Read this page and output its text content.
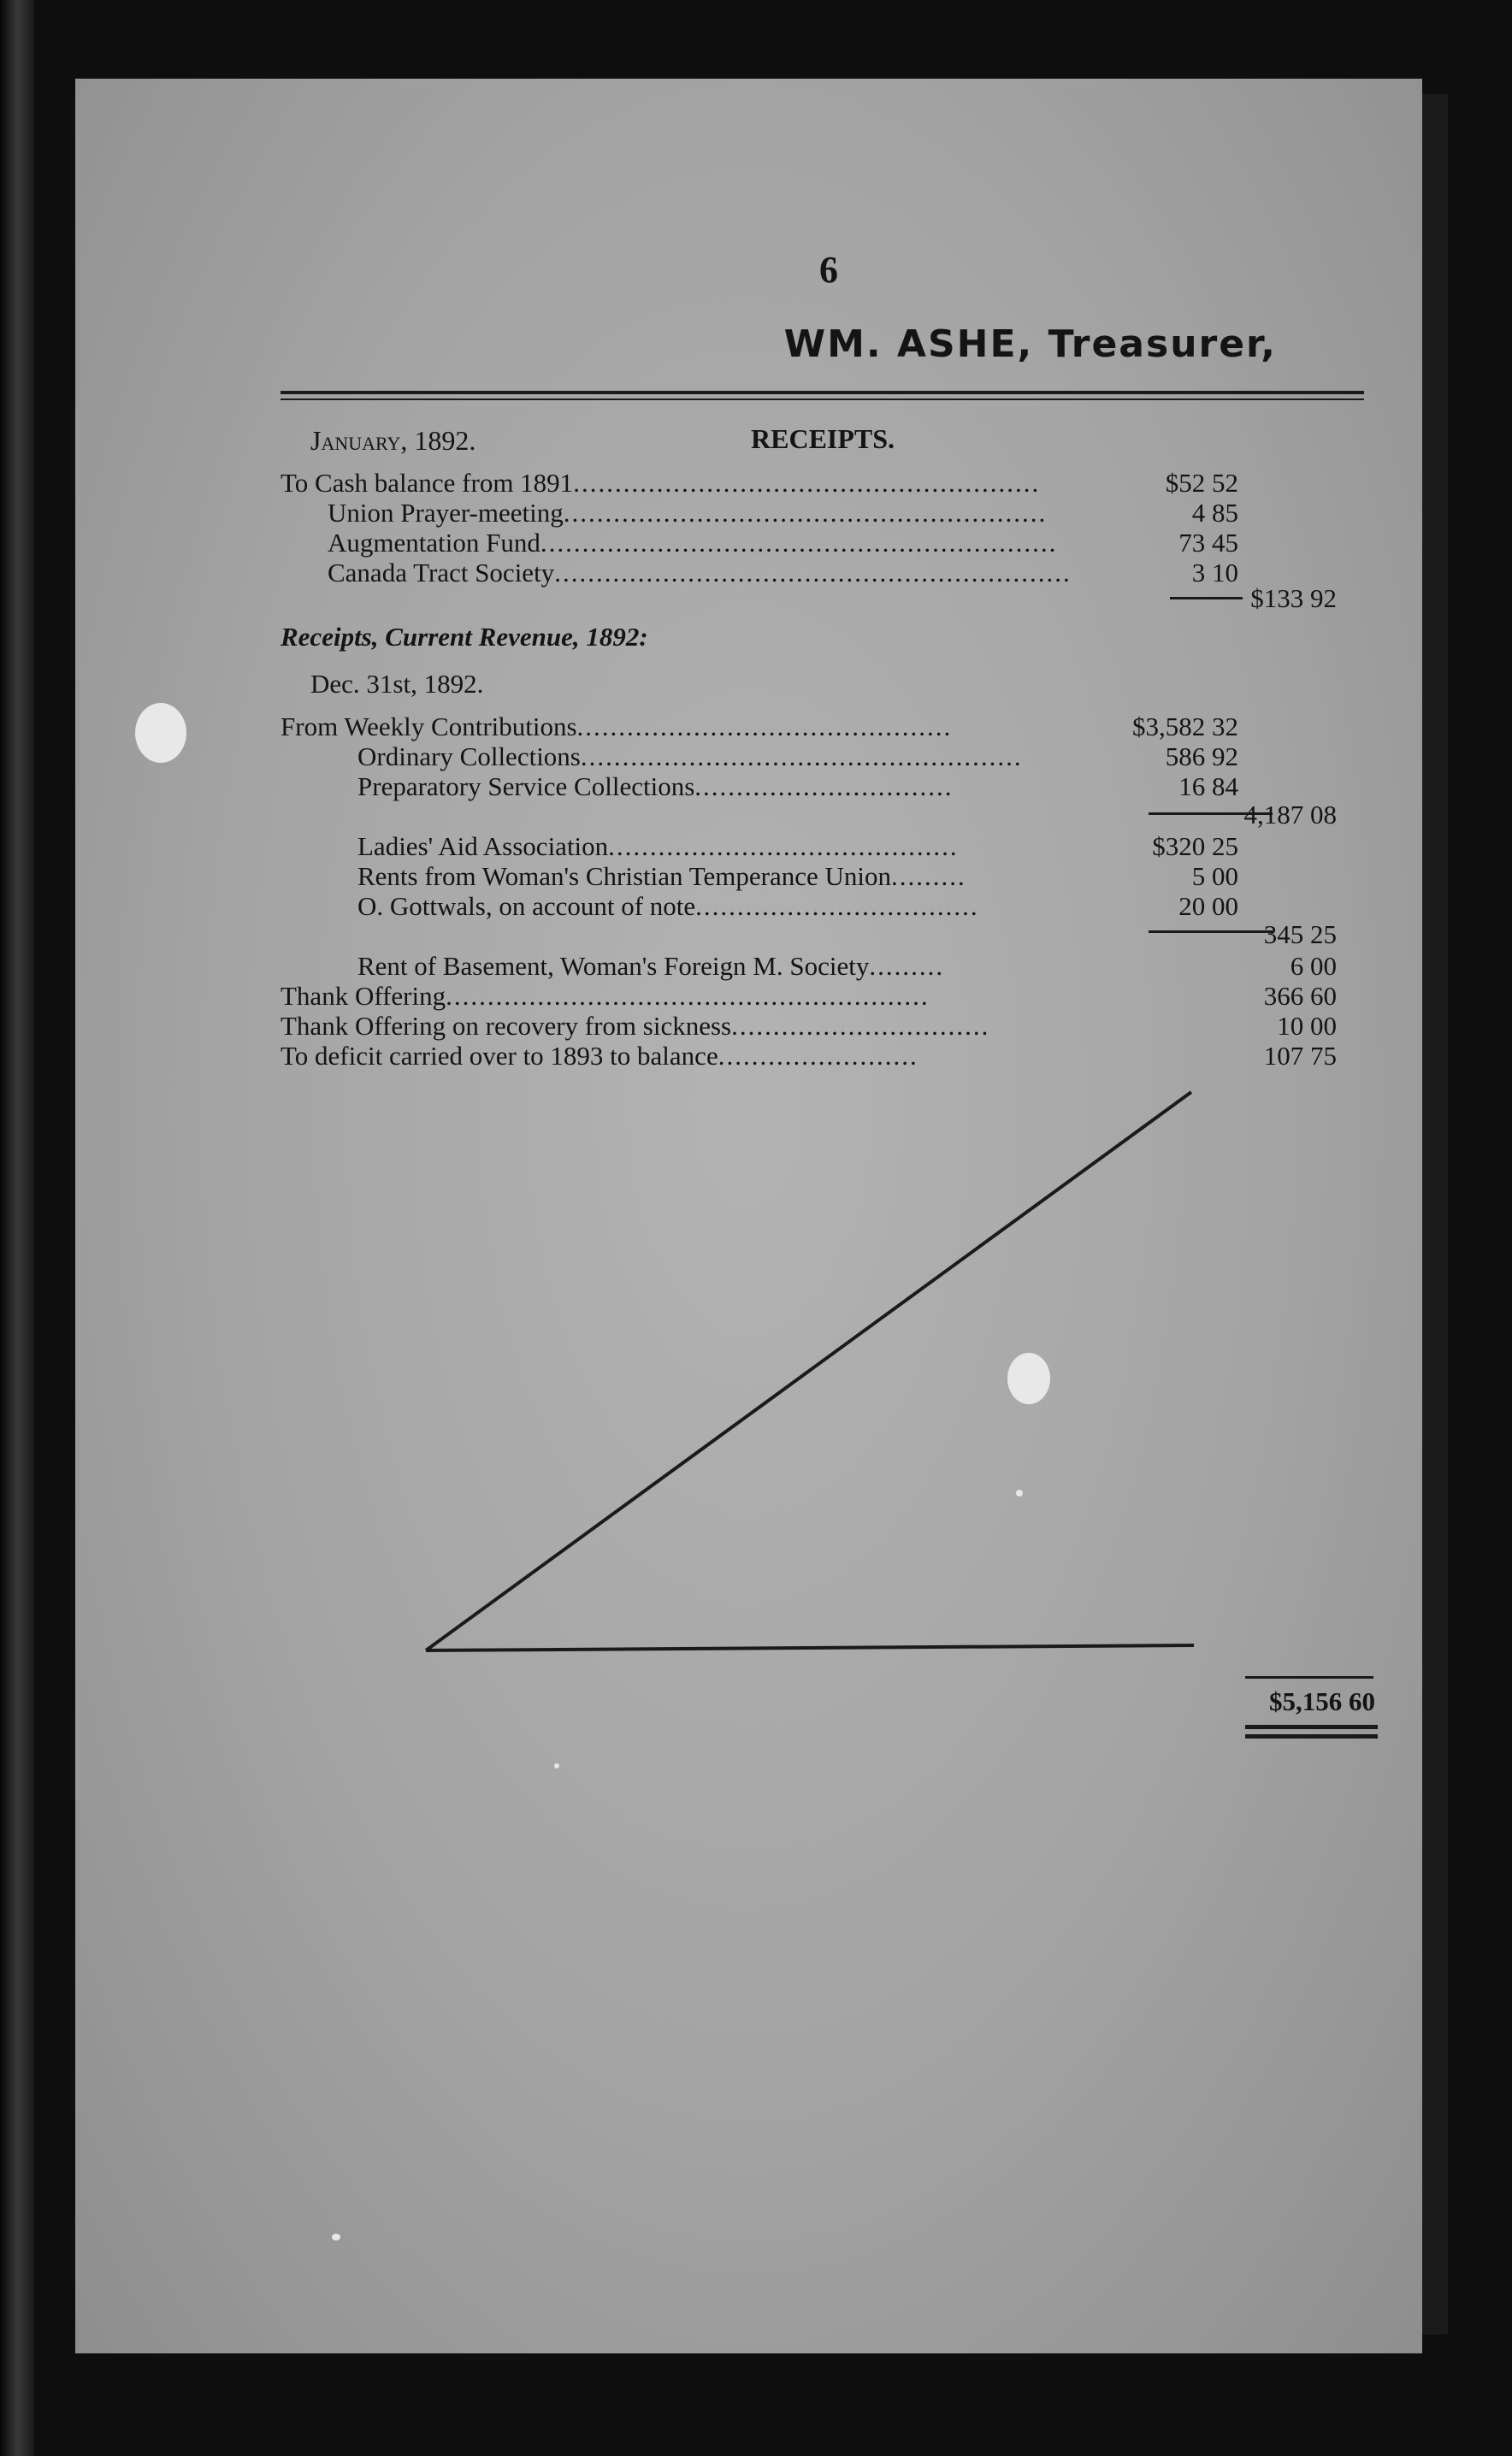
6
WM. ASHE, Treasurer,
January, 1892.	RECEIPTS.
To Cash balance from 1891........................................................	$52 52
Union Prayer-meeting..........................................................	4 85
Augmentation Fund..............................................................	73 45
Canada Tract Society..............................................................	3 10
$133 92
Receipts, Current Revenue, 1892:
Dec. 31st, 1892.
From Weekly Contributions.............................................	$3,582 32
Ordinary Collections.....................................................	586 92
Preparatory Service Collections...............................	16 84
4,187 08
Ladies' Aid Association..........................................	$320 25
Rents from Woman's Christian Temperance Union.........	5 00
O. Gottwals, on account of note..................................	20 00
345 25
Rent of Basement, Woman's Foreign M. Society.........	6 00
Thank Offering..........................................................	366 60
Thank Offering on recovery from sickness...............................	10 00
To deficit carried over to 1893 to balance........................	107 75
$5,156 60
